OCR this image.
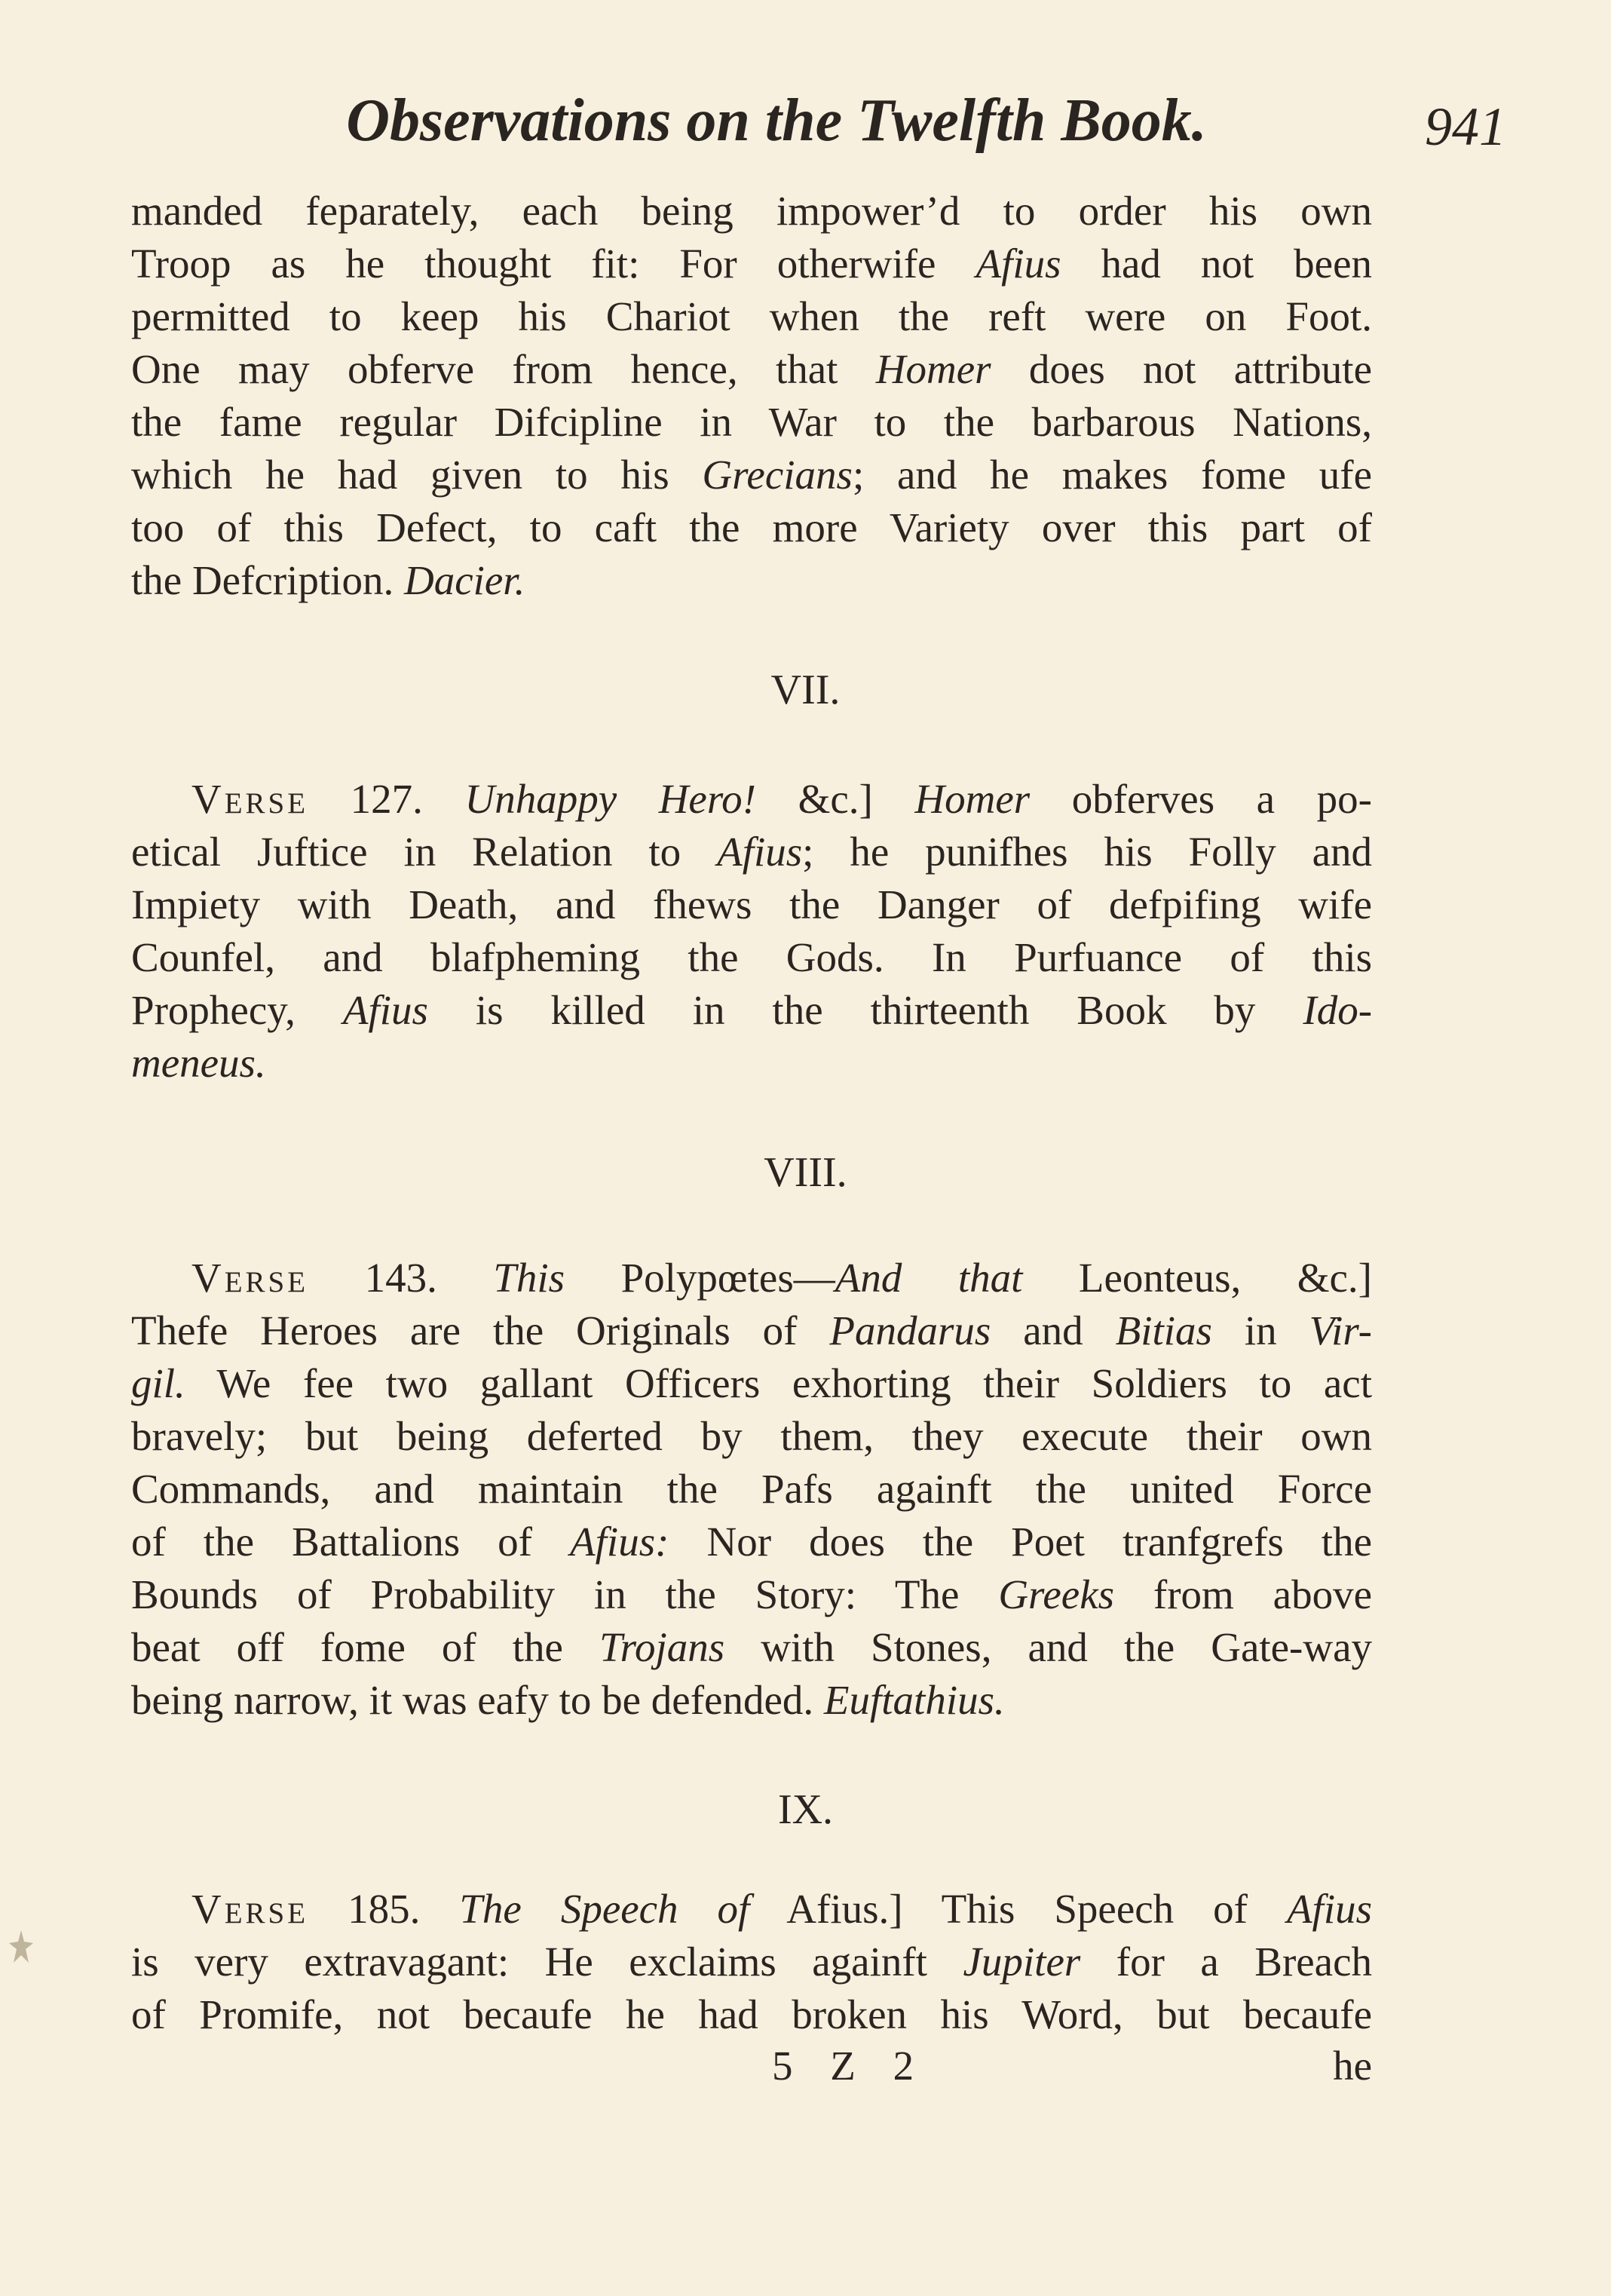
Observations on the Twelfth Book.	941
manded feparately, each being impower’d to order his own
Troop as he thought fit: For otherwife Afius had not been
permitted to keep his Chariot when the reft were on Foot.
One may obferve from hence, that Homer does not attribute
the fame regular Difcipline in War to the barbarous Nations,
which he had given to his Grecians; and he makes fome ufe
too of this Defect, to caft the more Variety over this part of
the Defcription. Dacier.
VII.
Verse 127. Unhappy Hero! &c.] Homer obferves a po-
etical Juftice in Relation to Afius; he punifhes his Folly and
Impiety with Death, and fhews the Danger of defpifing wife
Counfel, and blafpheming the Gods. In Purfuance of this
Prophecy, Afius is killed in the thirteenth Book by Ido-
meneus.
VIII.
Verse 143. This Polypœtes—And that Leonteus, &c.]
Thefe Heroes are the Originals of Pandarus and Bitias in Vir-
gil. We fee two gallant Officers exhorting their Soldiers to act
bravely; but being deferted by them, they execute their own
Commands, and maintain the Pafs againft the united Force
of the Battalions of Afius: Nor does the Poet tranfgrefs the
Bounds of Probability in the Story: The Greeks from above
beat off fome of the Trojans with Stones, and the Gate-way
being narrow, it was eafy to be defended. Euftathius.
IX.
Verse 185. The Speech of Afius.] This Speech of Afius
is very extravagant: He exclaims againft Jupiter for a Breach
of Promife, not becaufe he had broken his Word, but becaufe
5 Z 2	he
